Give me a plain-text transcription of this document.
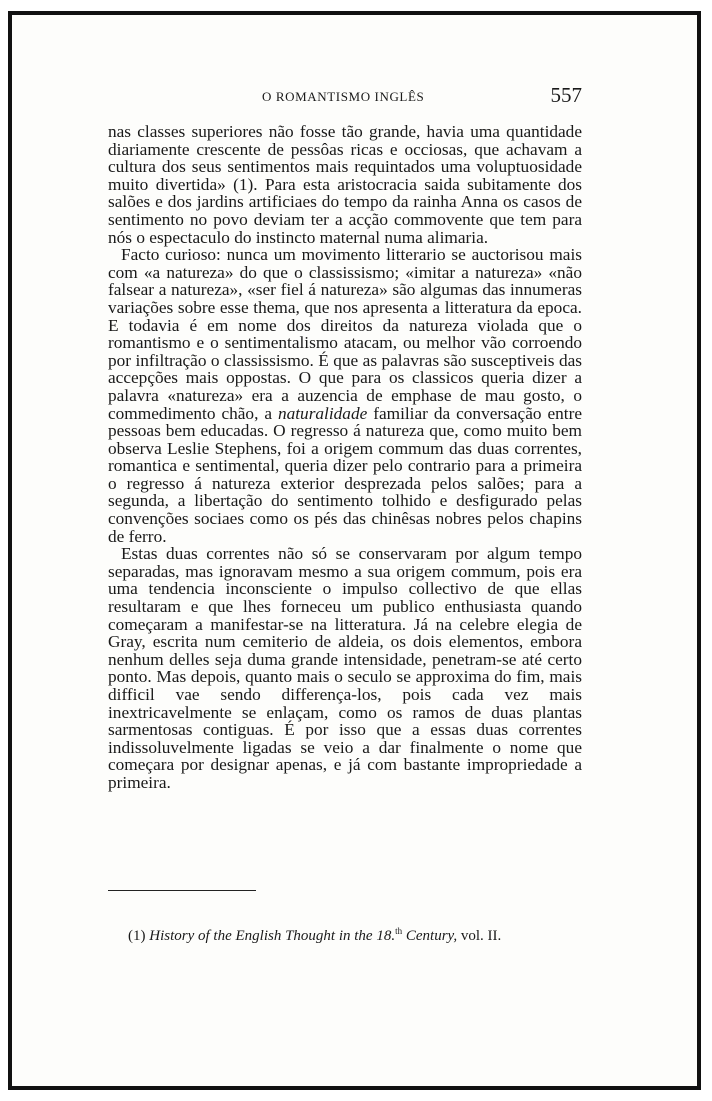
O ROMANTISMO INGLÊS	557

nas classes superiores não fosse tão grande, havia uma quantidade diariamente crescente de pessôas ricas e occiosas, que achavam a cultura dos seus sentimentos mais requintados uma voluptuosidade muito divertida» (1). Para esta aristocracia saida subitamente dos salões e dos jardins artificiaes do tempo da rainha Anna os casos de sentimento no povo deviam ter a acção commovente que tem para nós o espectaculo do instincto maternal numa alimaria.

Facto curioso: nunca um movimento litterario se auctorisou mais com «a natureza» do que o classissismo; «imitar a natureza» «não falsear a natureza», «ser fiel á natureza» são algumas das innumeras variações sobre esse thema, que nos apresenta a litteratura da epoca. E todavia é em nome dos direitos da natureza violada que o romantismo e o sentimentalismo atacam, ou melhor vão corroendo por infiltração o classissismo. É que as palavras são susceptiveis das accepções mais oppostas. O que para os classicos queria dizer a palavra «natureza» era a auzencia de emphase de mau gosto, o commedimento chão, a naturalidade familiar da conversação entre pessoas bem educadas. O regresso á natureza que, como muito bem observa Leslie Stephens, foi a origem commum das duas correntes, romantica e sentimental, queria dizer pelo contrario para a primeira o regresso á natureza exterior desprezada pelos salões; para a segunda, a libertação do sentimento tolhido e desfigurado pelas convenções sociaes como os pés das chinêsas nobres pelos chapins de ferro.

Estas duas correntes não só se conservaram por algum tempo separadas, mas ignoravam mesmo a sua origem commum, pois era uma tendencia inconsciente o impulso collectivo de que ellas resultaram e que lhes forneceu um publico enthusiasta quando começaram a manifestar-se na litteratura. Já na celebre elegia de Gray, escrita num cemiterio de aldeia, os dois elementos, embora nenhum delles seja duma grande intensidade, penetram-se até certo ponto. Mas depois, quanto mais o seculo se approxima do fim, mais difficil vae sendo differença-los, pois cada vez mais inextricavelmente se enlaçam, como os ramos de duas plantas sarmentosas contiguas. É por isso que a essas duas correntes indissoluvelmente ligadas se veio a dar finalmente o nome que começara por designar apenas, e já com bastante impropriedade a primeira.

(1) History of the English Thought in the 18.$^{th}$ Century, vol. II.
